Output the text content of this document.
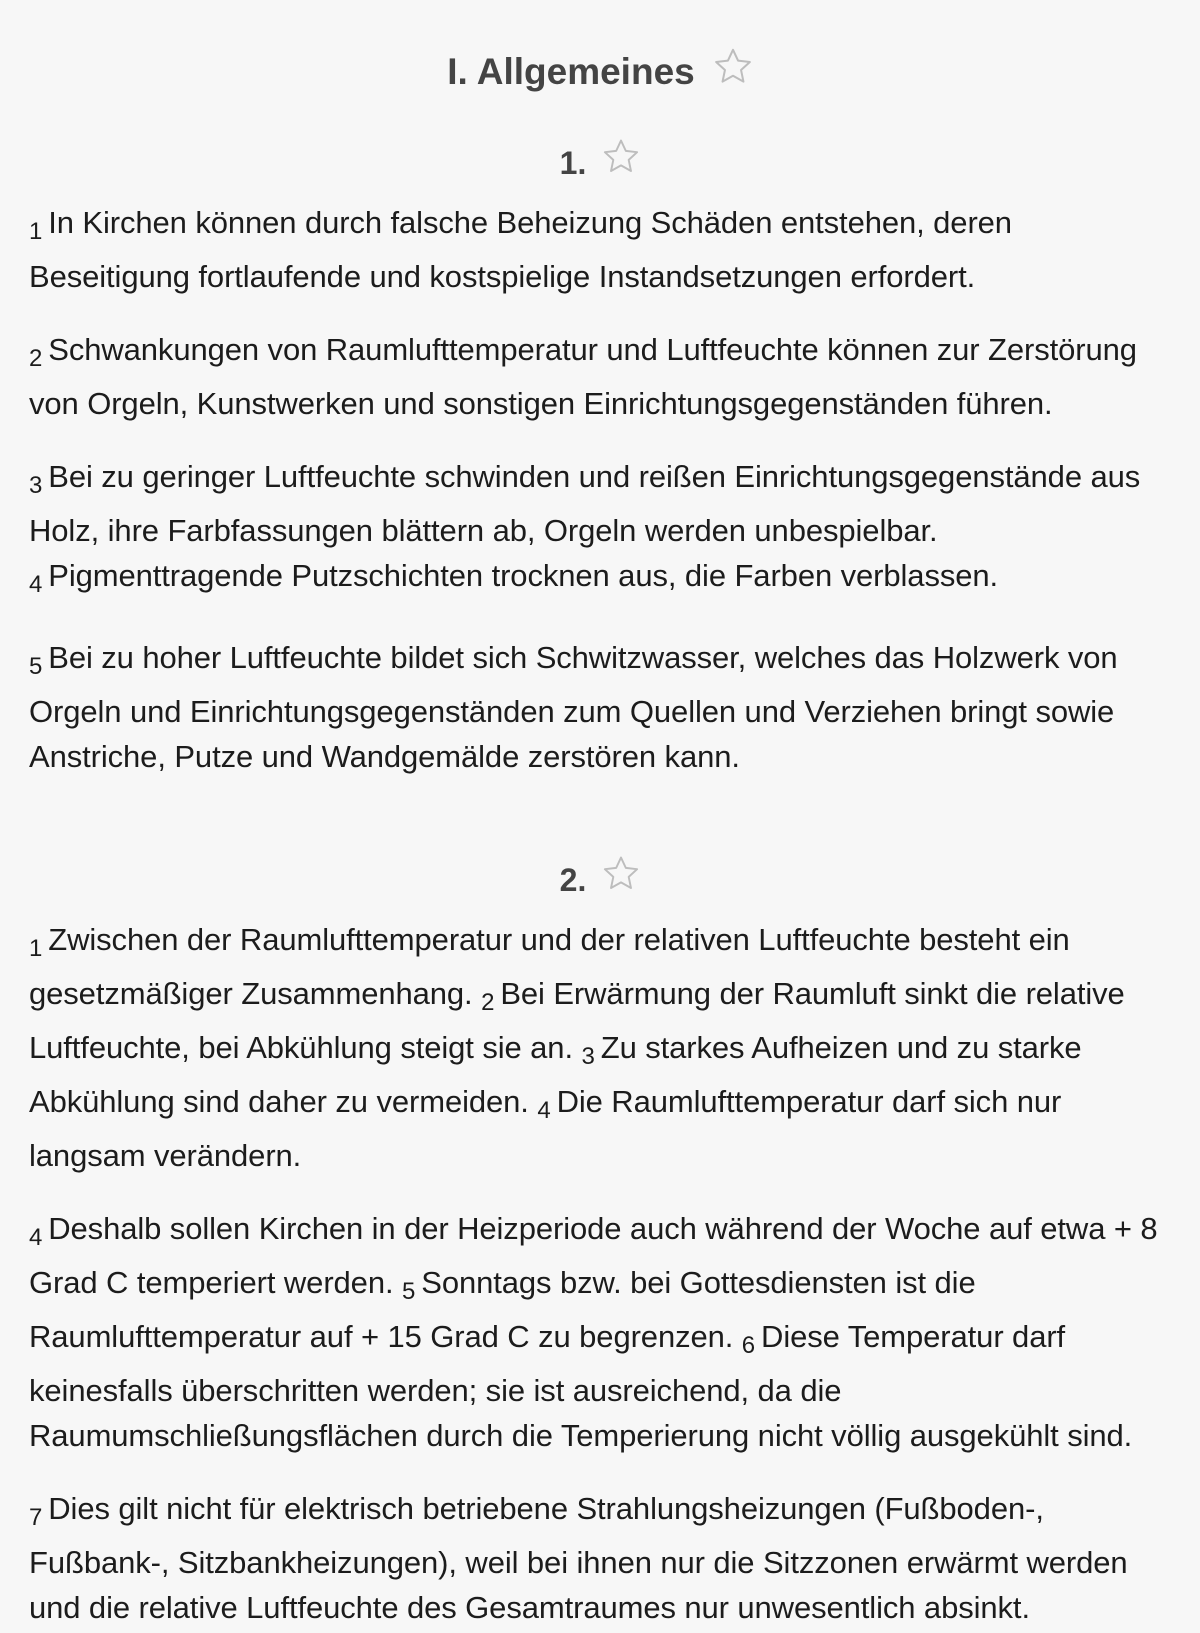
I. Allgemeines
1.

1 In Kirchen können durch falsche Beheizung Schäden entstehen, deren Beseitigung fortlaufende und kostspielige Instandsetzungen erfordert.

2 Schwankungen von Raumlufttemperatur und Luftfeuchte können zur Zerstörung von Orgeln, Kunstwerken und sonstigen Einrichtungsgegenständen führen.

3 Bei zu geringer Luftfeuchte schwinden und reißen Einrichtungsgegenstände aus Holz, ihre Farbfassungen blättern ab, Orgeln werden unbespielbar. 4 Pigmenttragende Putzschichten trocknen aus, die Farben verblassen.

5 Bei zu hoher Luftfeuchte bildet sich Schwitzwasser, welches das Holzwerk von Orgeln und Einrichtungsgegenständen zum Quellen und Verziehen bringt sowie Anstriche, Putze und Wandgemälde zerstören kann.

2.

1 Zwischen der Raumlufttemperatur und der relativen Luftfeuchte besteht ein gesetzmäßiger Zusammenhang. 2 Bei Erwärmung der Raumluft sinkt die relative Luftfeuchte, bei Abkühlung steigt sie an. 3 Zu starkes Aufheizen und zu starke Abkühlung sind daher zu vermeiden. 4 Die Raumlufttemperatur darf sich nur langsam verändern.

4 Deshalb sollen Kirchen in der Heizperiode auch während der Woche auf etwa + 8 Grad C temperiert werden. 5 Sonntags bzw. bei Gottesdiensten ist die Raumlufttemperatur auf + 15 Grad C zu begrenzen. 6 Diese Temperatur darf keinesfalls überschritten werden; sie ist ausreichend, da die Raumumschließungsflächen durch die Temperierung nicht völlig ausgekühlt sind.

7 Dies gilt nicht für elektrisch betriebene Strahlungsheizungen (Fußboden-, Fußbank-, Sitzbankheizungen), weil bei ihnen nur die Sitzzonen erwärmt werden und die relative Luftfeuchte des Gesamtraumes nur unwesentlich absinkt.
